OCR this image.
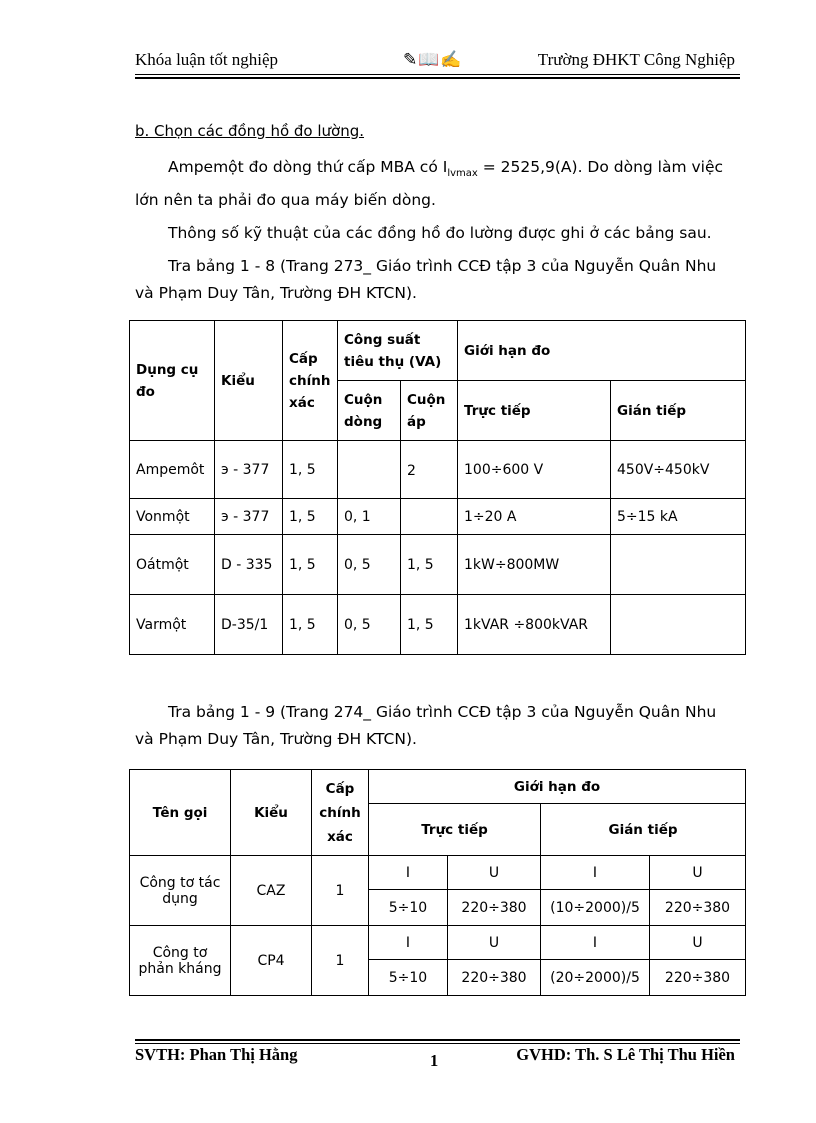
Khóa luận tốt nghiệp	✎📖✍	Trường ĐHKT Công Nghiệp

b. Chọn các đồng hồ đo lường.

Ampemột đo dòng thứ cấp MBA có $I_{lvmax} = 2525,9(A)$. Do dòng làm việc lớn nên ta phải đo qua máy biến dòng.

Thông số kỹ thuật của các đồng hồ đo lường được ghi ở các bảng sau.

Tra bảng 1 - 8 (Trang 273_ Giáo trình CCĐ tập 3 của Nguyễn Quân Nhu và Phạm Duy Tân, Trường ĐH KTCN).

Dụng cụ đo	Kiểu	Cấp chính xác	Công suất tiêu thụ (VA)		Giới hạn đo	
			Cuộn dòng	Cuộn áp	Trực tiếp	Gián tiếp
Ampemôt	э - 377	1, 5		2	100÷600 V	450V÷450kV
Vonmột	э - 377	1, 5	0, 1		1÷20 A	5÷15 kA
Oátmột	D - 335	1, 5	0, 5	1, 5	1kW÷800MW	
Varmột	D-35/1	1, 5	0, 5	1, 5	1kVAR ÷800kVAR	

Tra bảng 1 - 9 (Trang 274_ Giáo trình CCĐ tập 3 của Nguyễn Quân Nhu và Phạm Duy Tân, Trường ĐH KTCN).

Tên gọi	Kiểu	Cấp chính xác	Giới hạn đo			
			Trực tiếp		Gián tiếp	
Công tơ tác dụng	CAZ	1	I	U	I	U
			5÷10	220÷380	(10÷2000)/5	220÷380
Công tơ phản kháng	CP4	1	I	U	I	U
			5÷10	220÷380	(20÷2000)/5	220÷380
SVTH: Phan Thị Hằng	1	GVHD: Th. S Lê Thị Thu Hiền
